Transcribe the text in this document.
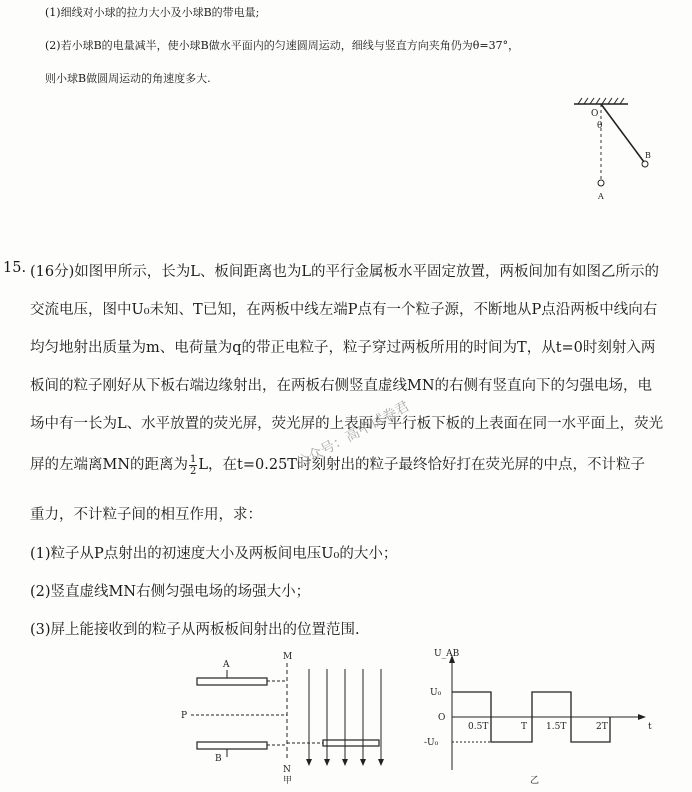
(1)细线对小球的拉力大小及小球B的带电量;
(2)若小球B的电量减半，使小球B做水平面内的匀速圆周运动，细线与竖直方向夹角仍为θ=37°，
则小球B做圆周运动的角速度多大.
O
θ
A
B
15. (16分)如图甲所示，长为L、板间距离也为L的平行金属板水平固定放置，两板间加有如图乙所示的
交流电压，图中U₀未知、T已知，在两板中线左端P点有一个粒子源，不断地从P点沿两板中线向右
均匀地射出质量为m、电荷量为q的带正电粒子，粒子穿过两板所用的时间为T，从t=0时刻射入两
板间的粒子刚好从下板右端边缘射出，在两板右侧竖直虚线MN的右侧有竖直向下的匀强电场，电
场中有一长为L、水平放置的荧光屏，荧光屏的上表面与平行板下板的上表面在同一水平面上，荧光
屏的左端离MN的距离为 $\frac{1}{2}$ L，在t=0.25T时刻射出的粒子最终恰好打在荧光屏的中点，不计粒子
重力，不计粒子间的相互作用，求：
(1)粒子从P点射出的初速度大小及两板间电压U₀的大小；
(2)竖直虚线MN右侧匀强电场的场强大小；
(3)屏上能接收到的粒子从两板板间射出的位置范围.
公众号：高中试卷君
A
B
P
M
N
甲
U_AB
U₀
O
-U₀
0.5T	T 1.5T	2T	t
乙
